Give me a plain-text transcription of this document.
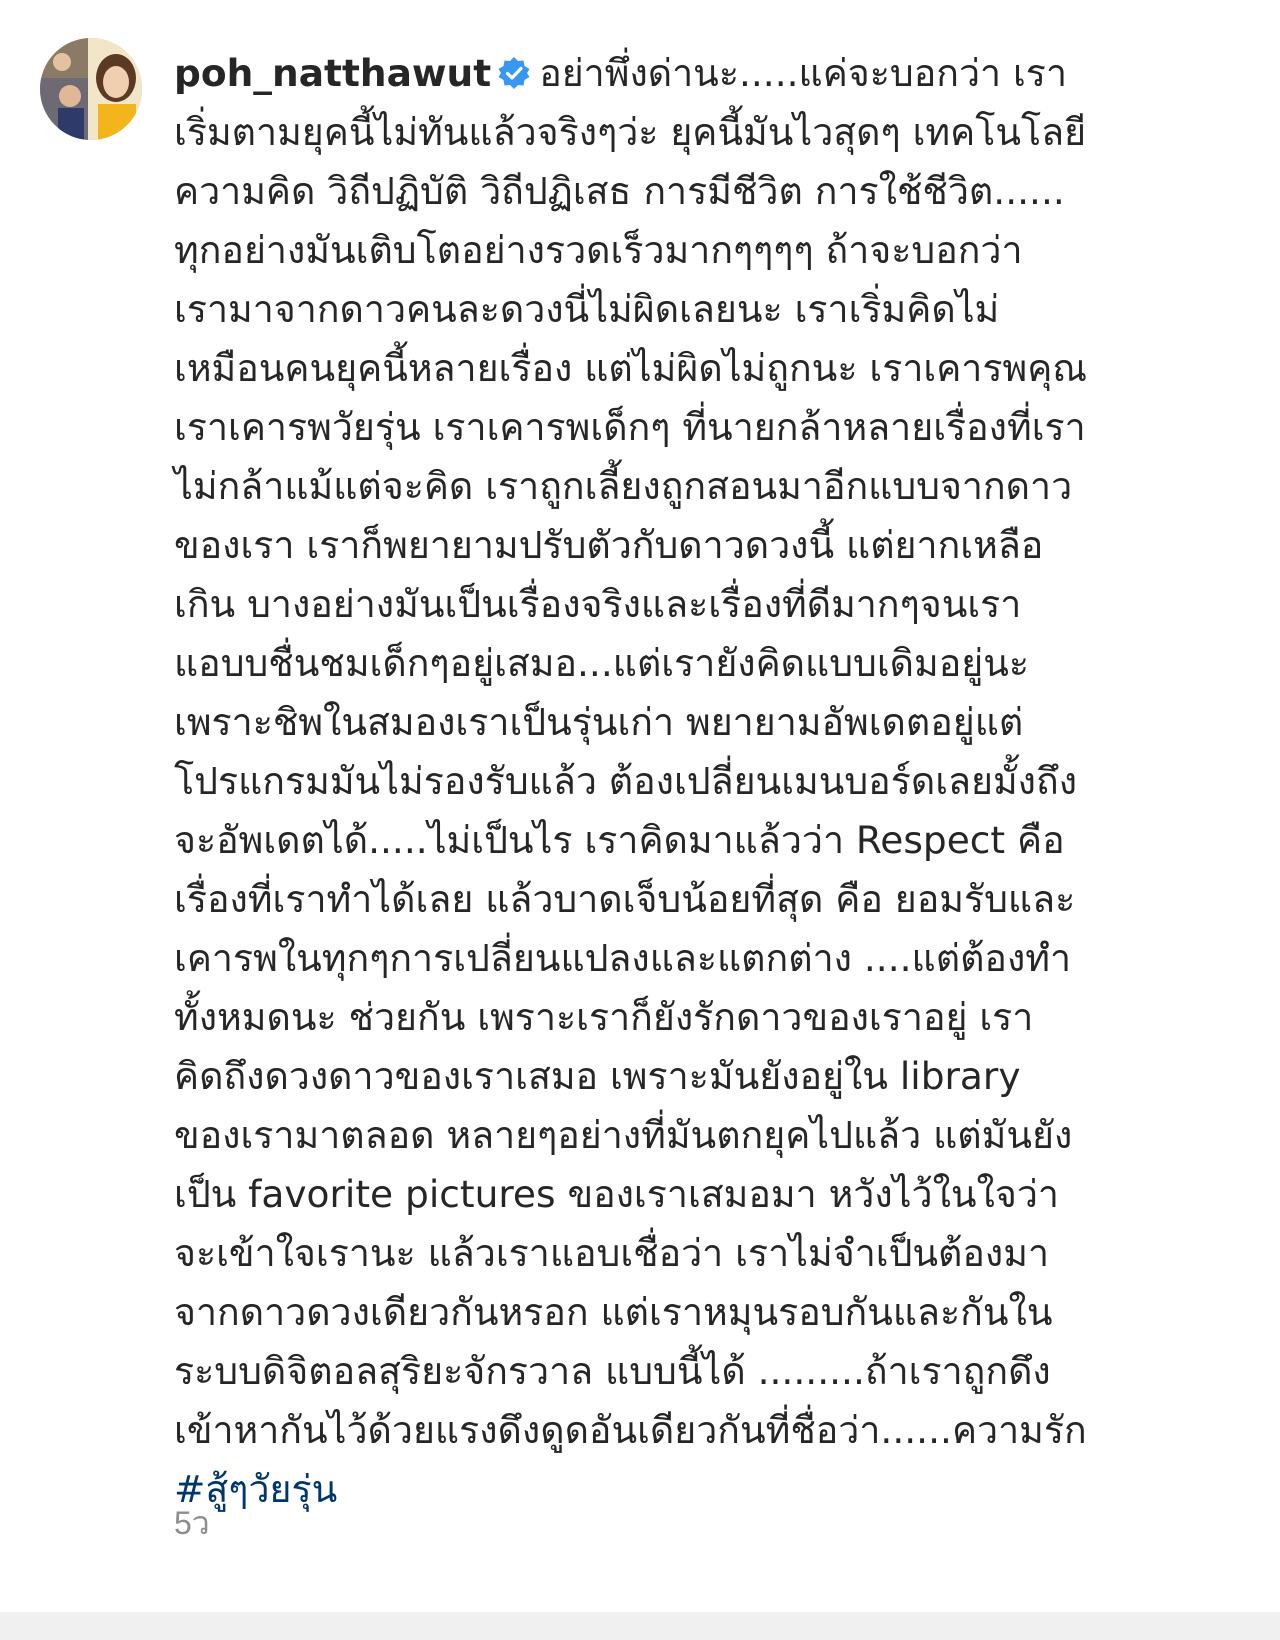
poh_natthawut อย่าพึ่งด่านะ.....แค่จะบอกว่า เรา
เริ่มตามยุคนี้ไม่ทันแล้วจริงๆว่ะ ยุคนี้มันไวสุดๆ เทคโนโลยี
ความคิด วิถีปฏิบัติ วิถีปฏิเสธ การมีชีวิต การใช้ชีวิต......
ทุกอย่างมันเติบโตอย่างรวดเร็วมากๆๆๆๆ ถ้าจะบอกว่า
เรามาจากดาวคนละดวงนี่ไม่ผิดเลยนะ เราเริ่มคิดไม่
เหมือนคนยุคนี้หลายเรื่อง แต่ไม่ผิดไม่ถูกนะ เราเคารพคุณ
เราเคารพวัยรุ่น เราเคารพเด็กๆ ที่นายกล้าหลายเรื่องที่เรา
ไม่กล้าแม้แต่จะคิด เราถูกเลี้ยงถูกสอนมาอีกแบบจากดาว
ของเรา เราก็พยายามปรับตัวกับดาวดวงนี้ แต่ยากเหลือ
เกิน บางอย่างมันเป็นเรื่องจริงและเรื่องที่ดีมากๆจนเรา
แอบบชื่นชมเด็กๆอยู่เสมอ...แต่เรายังคิดแบบเดิมอยู่นะ
เพราะชิพในสมองเราเป็นรุ่นเก่า พยายามอัพเดตอยู่แต่
โปรแกรมมันไม่รองรับแล้ว ต้องเปลี่ยนเมนบอร์ดเลยมั้งถึง
จะอัพเดตได้.....ไม่เป็นไร เราคิดมาแล้วว่า Respect คือ
เรื่องที่เราทำได้เลย แล้วบาดเจ็บน้อยที่สุด คือ ยอมรับและ
เคารพในทุกๆการเปลี่ยนแปลงและแตกต่าง ....แต่ต้องทำ
ทั้งหมดนะ ช่วยกัน เพราะเราก็ยังรักดาวของเราอยู่ เรา
คิดถึงดวงดาวของเราเสมอ เพราะมันยังอยู่ใน library
ของเรามาตลอด หลายๆอย่างที่มันตกยุคไปแล้ว แต่มันยัง
เป็น favorite pictures ของเราเสมอมา หวังไว้ในใจว่า
จะเข้าใจเรานะ แล้วเราแอบเชื่อว่า เราไม่จำเป็นต้องมา
จากดาวดวงเดียวกันหรอก แต่เราหมุนรอบกันและกันใน
ระบบดิจิตอลสุริยะจักรวาล แบบนี้ได้ .........ถ้าเราถูกดึง
เข้าหากันไว้ด้วยแรงดึงดูดอันเดียวกันที่ชื่อว่า......ความรัก
#สู้ๆวัยรุ่น
5ว
